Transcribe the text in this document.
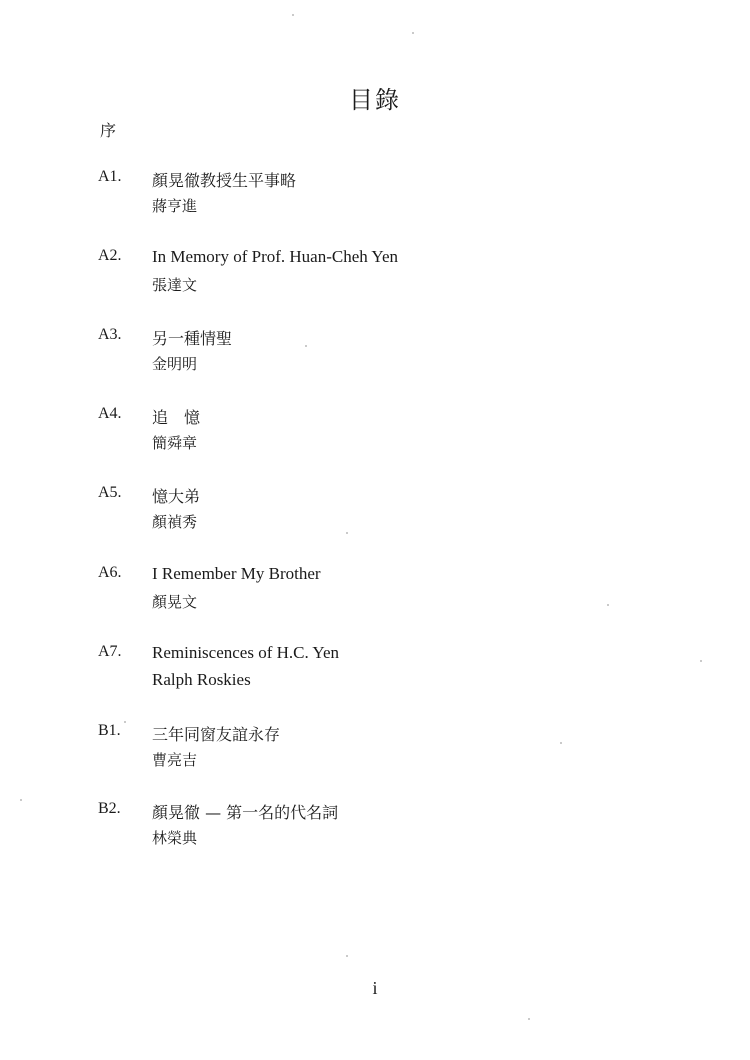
目錄
序
A1. 顏晃徹教授生平事略
蔣亨進
A2. In Memory of Prof. Huan-Cheh Yen
張達文
A3. 另一種情聖
金明明
A4. 追　憶
簡舜章
A5. 憶大弟
顏禎秀
A6. I Remember My Brother
顏晃文
A7. Reminiscences of H.C. Yen
Ralph Roskies
B1. 三年同窗友誼永存
曹亮吉
B2. 顏晃徹 — 第一名的代名詞
林榮典
i
